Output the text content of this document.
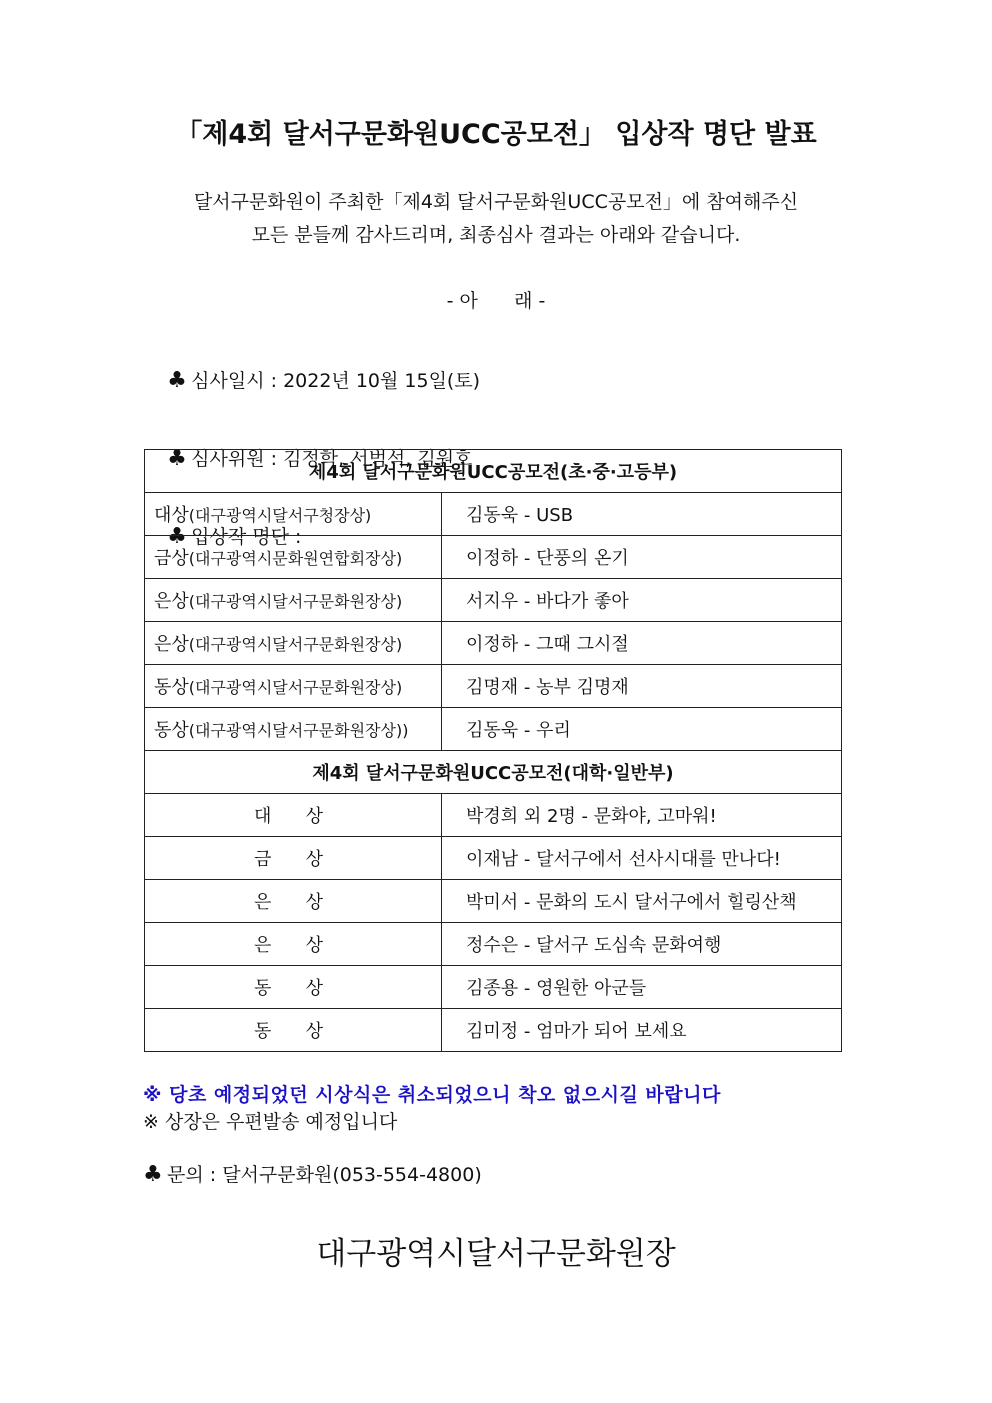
「제4회 달서구문화원UCC공모전」 입상작 명단 발표
달서구문화원이 주최한「제4회 달서구문화원UCC공모전」에 참여해주신
모든 분들께 감사드리며, 최종심사 결과는 아래와 같습니다.
- 아      래 -

♣ 심사일시 : 2022년 10월 15일(토)

♣ 심사위원 : 김정학, 서범석, 김원호

♣ 입상작 명단 :

제4회 달서구문화원UCC공모전(초·중·고등부)	
대상(대구광역시달서구청장상)	김동욱 - USB
금상(대구광역시문화원연합회장상)	이정하 - 단풍의 온기
은상(대구광역시달서구문화원장상)	서지우 - 바다가 좋아
은상(대구광역시달서구문화원장상)	이정하 - 그때 그시절
동상(대구광역시달서구문화원장상)	김명재 - 농부 김명재
동상(대구광역시달서구문화원장상))	김동욱 - 우리
제4회 달서구문화원UCC공모전(대학·일반부)	
대      상	박경희 외 2명 - 문화야, 고마워!
금      상	이재남 - 달서구에서 선사시대를 만나다!
은      상	박미서 - 문화의 도시 달서구에서 힐링산책
은      상	정수은 - 달서구 도심속 문화여행
동      상	김종용 - 영원한 아군들
동      상	김미정 - 엄마가 되어 보세요
※ 당초 예정되었던 시상식은 취소되었으니 착오 없으시길 바랍니다
※ 상장은 우편발송 예정입니다
♣ 문의 : 달서구문화원(053-554-4800)
대구광역시달서구문화원장
